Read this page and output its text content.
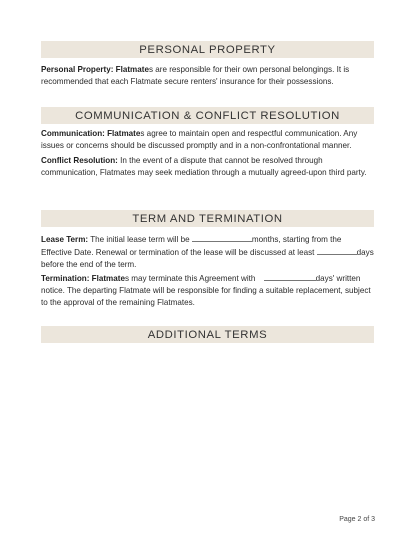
PERSONAL PROPERTY
Personal Property: Flatmates are responsible for their own personal belongings. It is
recommended that each Flatmate secure renters' insurance for their possessions.
COMMUNICATION & CONFLICT RESOLUTION
Communication: Flatmates agree to maintain open and respectful communication. Any
issues or concerns should be discussed promptly and in a non-confrontational manner.
Conflict Resolution: In the event of a dispute that cannot be resolved through
communication, Flatmates may seek mediation through a mutually agreed-upon third party.
TERM AND TERMINATION
Lease Term: The initial lease term will be	months, starting from the
Effective Date. Renewal or termination of the lease will be discussed at least	days
before the end of the term.
Termination: Flatmates may terminate this Agreement with	days' written
notice. The departing Flatmate will be responsible for finding a suitable replacement, subject
to the approval of the remaining Flatmates.
ADDITIONAL TERMS
Page 2 of 3
